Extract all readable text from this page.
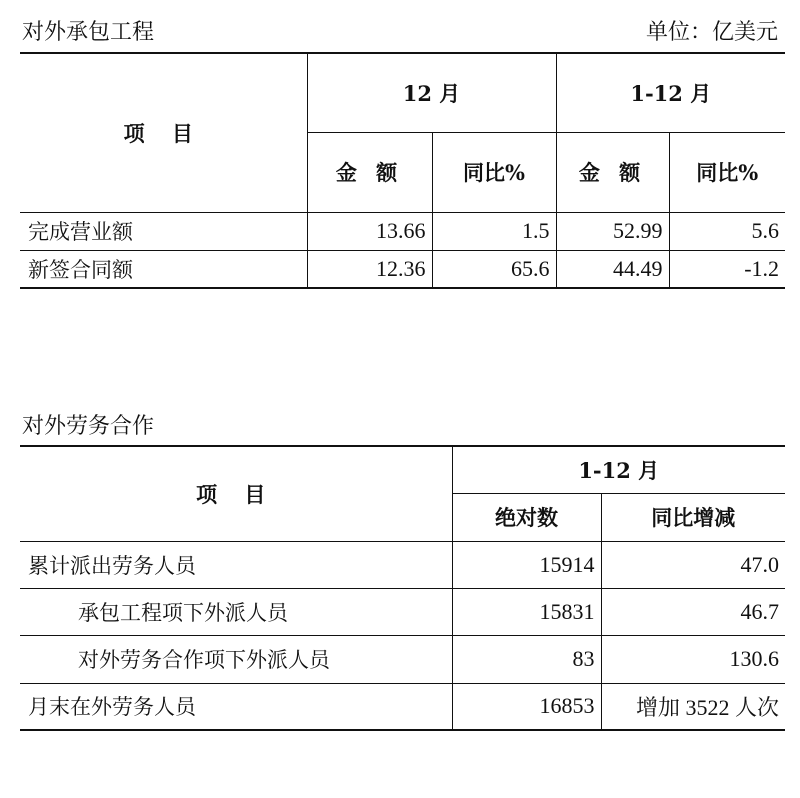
对外承包工程	单位：亿美元
项 目	12 月		1-12 月	
	金 额	同比%	金 额	同比%
完成营业额	13.66	1.5	52.99	5.6
新签合同额	12.36	65.6	44.49	-1.2
对外劳务合作
项 目	1-12 月	
	绝对数	同比增减
累计派出劳务人员	15914	47.0
承包工程项下外派人员	15831	46.7
对外劳务合作项下外派人员	83	130.6
月末在外劳务人员	16853	增加 3522 人次
